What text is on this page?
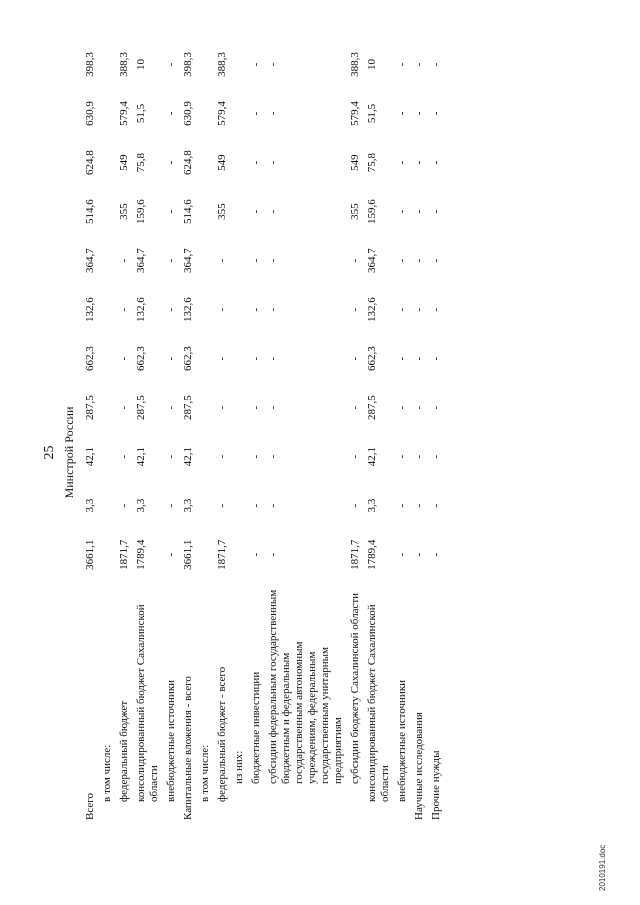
25 Минстрой России
Всего	3661,1	3,3	42,1	287,5	662,3	132,6	364,7	514,6	624,8	630,9	398,3
в том числе:											
федеральный бюджет	1871,7	-	-	-	-	-	-	355	549	579,4	388,3
консолидированный бюджет Сахалинской области	1789,4	3,3	42,1	287,5	662,3	132,6	364,7	159,6	75,8	51,5	10
внебюджетные источники	-	-	-	-	-	-	-	-	-	-	-
Капитальные вложения - всего	3661,1	3,3	42,1	287,5	662,3	132,6	364,7	514,6	624,8	630,9	398,3
в том числе:											
федеральный бюджет - всего	1871,7	-	-	-	-	-	-	355	549	579,4	388,3
из них:											
бюджетные инвестиции	-	-	-	-	-	-	-	-	-	-	-
субсидии федеральным государственным бюджетным и федеральным государственным автономным учреждениям, федеральным государственным унитарным предприятиям	-	-	-	-	-	-	-	-	-	-	-
субсидии бюджету Сахалинской области	1871,7	-	-	-	-	-	-	355	549	579,4	388,3
консолидированный бюджет Сахалинской области	1789,4	3,3	42,1	287,5	662,3	132,6	364,7	159,6	75,8	51,5	10
внебюджетные источники	-	-	-	-	-	-	-	-	-	-	-
Научные исследования	-	-	-	-	-	-	-	-	-	-	-
Прочие нужды	-	-	-	-	-	-	-	-	-	-	-
2010191.doc
